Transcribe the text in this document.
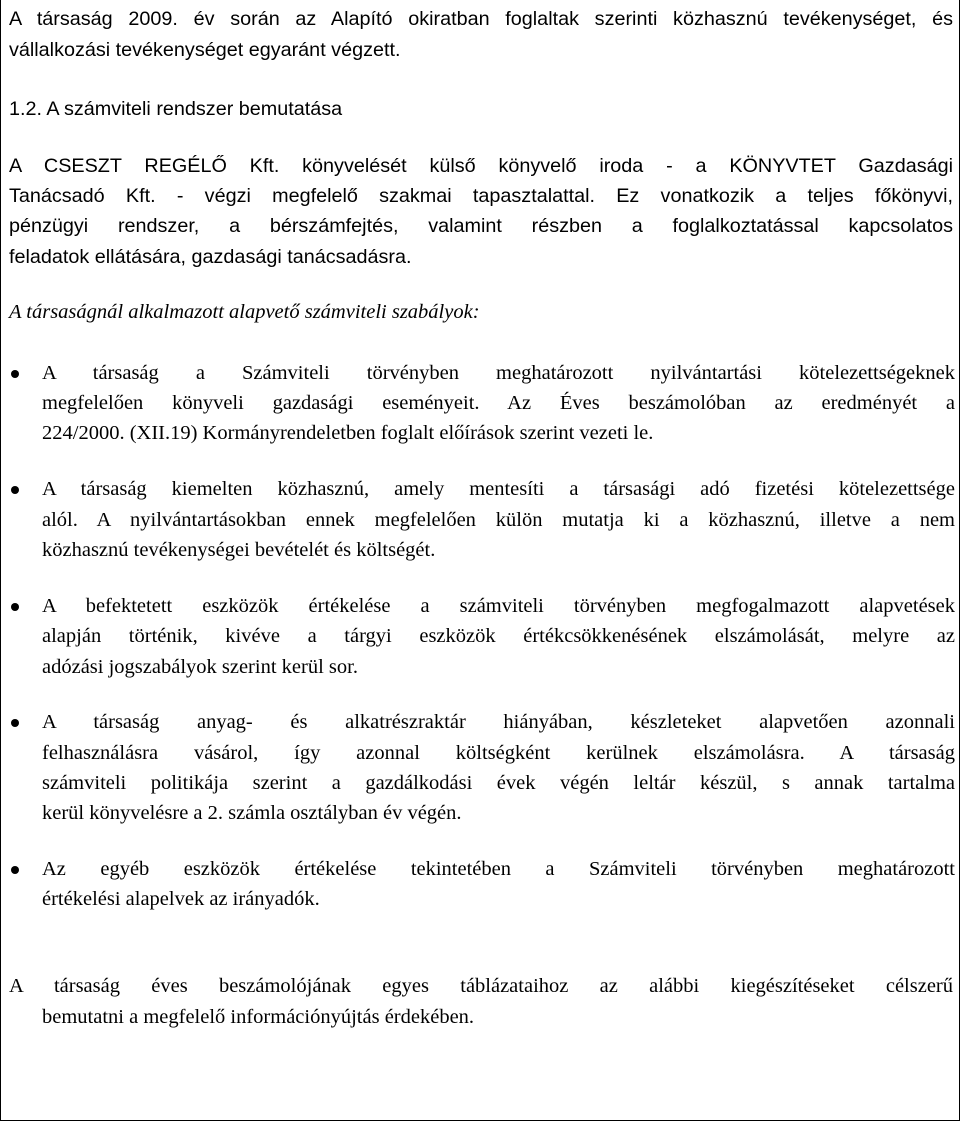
A társaság 2009. év során az Alapító okiratban foglaltak szerinti közhasznú tevékenységet, és
vállalkozási tevékenységet egyaránt végzett.
1.2. A számviteli rendszer bemutatása
A CSESZT REGÉLŐ Kft. könyvelését külső könyvelő iroda - a KÖNYVTET Gazdasági
Tanácsadó Kft. - végzi megfelelő szakmai tapasztalattal. Ez vonatkozik a teljes főkönyvi,
pénzügyi rendszer, a bérszámfejtés, valamint részben a foglalkoztatással kapcsolatos
feladatok ellátására, gazdasági tanácsadásra.
A társaságnál alkalmazott alapvető számviteli szabályok:
A társaság a Számviteli törvényben meghatározott nyilvántartási kötelezettségeknek
megfelelően könyveli gazdasági eseményeit. Az Éves beszámolóban az eredményét a
224/2000. (XII.19) Kormányrendeletben foglalt előírások szerint vezeti le.
A társaság kiemelten közhasznú, amely mentesíti a társasági adó fizetési kötelezettsége
alól. A nyilvántartásokban ennek megfelelően külön mutatja ki a közhasznú, illetve a nem
közhasznú tevékenységei bevételét és költségét.
A befektetett eszközök értékelése a számviteli törvényben megfogalmazott alapvetések
alapján történik, kivéve a tárgyi eszközök értékcsökkenésének elszámolását, melyre az
adózási jogszabályok szerint kerül sor.
A társaság anyag- és alkatrészraktár hiányában, készleteket alapvetően azonnali
felhasználásra vásárol, így azonnal költségként kerülnek elszámolásra. A társaság
számviteli politikája szerint a gazdálkodási évek végén leltár készül, s annak tartalma
kerül könyvelésre a 2. számla osztályban év végén.
Az egyéb eszközök értékelése tekintetében a Számviteli törvényben meghatározott
értékelési alapelvek az irányadók.
A társaság éves beszámolójának egyes táblázataihoz az alábbi kiegészítéseket célszerű
bemutatni a megfelelő információnyújtás érdekében.
